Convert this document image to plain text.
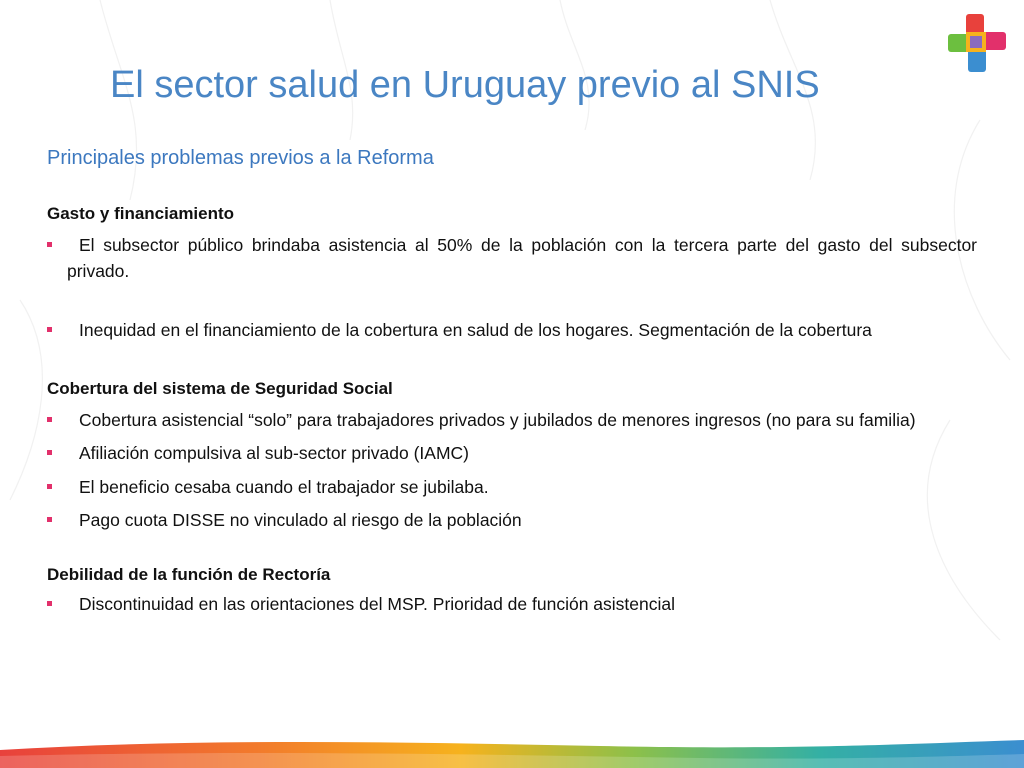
El sector salud en Uruguay previo al SNIS
Principales problemas previos a la Reforma
Gasto y financiamiento
El subsector público brindaba asistencia al 50% de la población con la tercera parte del gasto del subsector privado.
Inequidad en el financiamiento de la cobertura en salud de los hogares. Segmentación de la cobertura
Cobertura del sistema de Seguridad Social
Cobertura asistencial “solo” para trabajadores privados y jubilados de menores ingresos (no para su familia)
Afiliación compulsiva al sub-sector privado (IAMC)
El beneficio cesaba cuando el trabajador se jubilaba.
Pago cuota DISSE no vinculado al riesgo de la población
Debilidad de la función de Rectoría
Discontinuidad en las orientaciones del MSP. Prioridad de función asistencial
